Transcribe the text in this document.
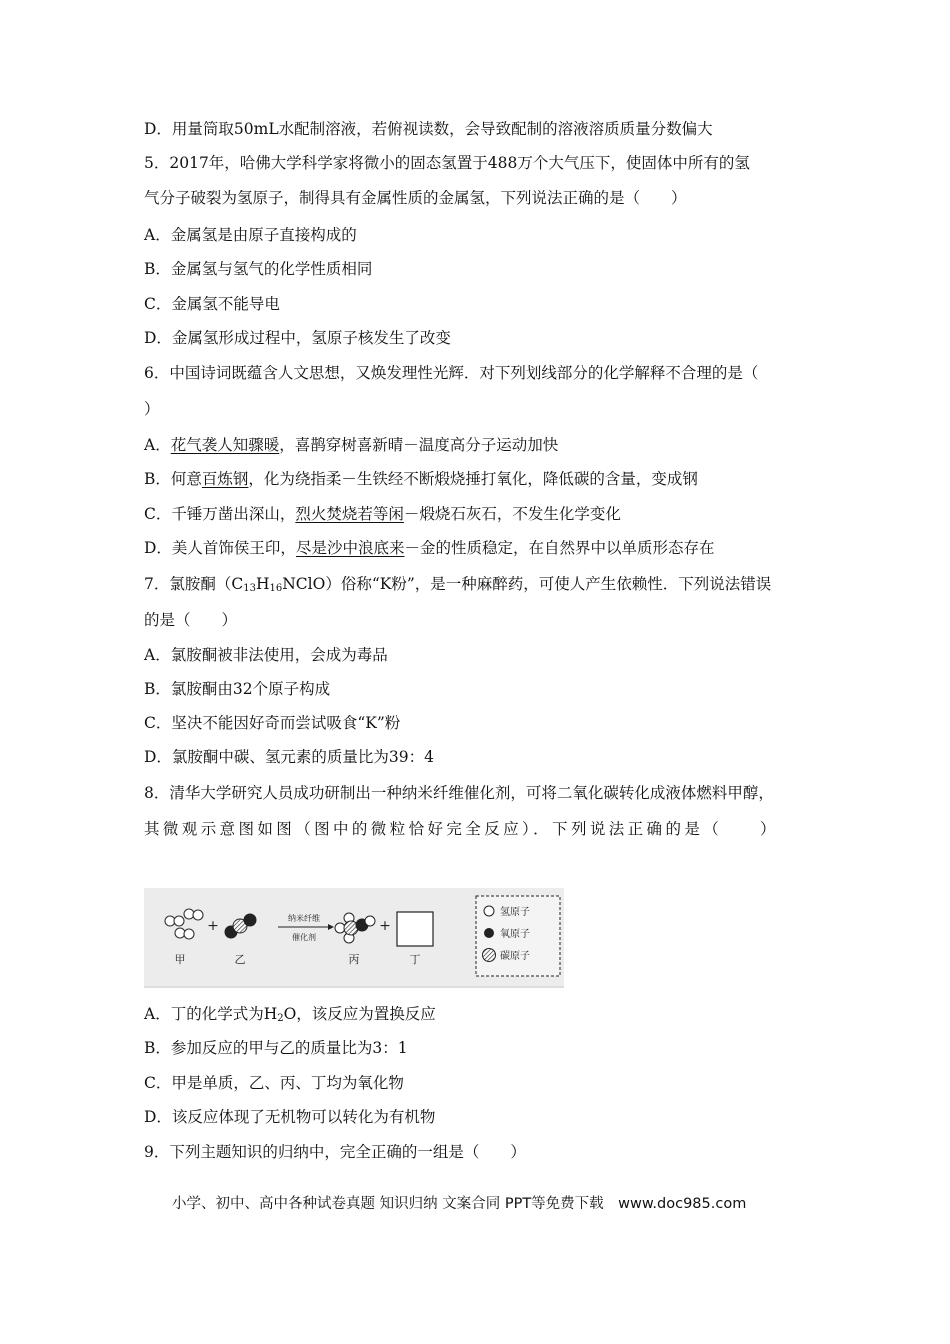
D．用量筒取50mL水配制溶液，若俯视读数，会导致配制的溶液溶质质量分数偏大
5．2017年，哈佛大学科学家将微小的固态氢置于488万个大气压下，使固体中所有的氢
气分子破裂为氢原子，制得具有金属性质的金属氢，下列说法正确的是（　　）
A．金属氢是由原子直接构成的
B．金属氢与氢气的化学性质相同
C．金属氢不能导电
D．金属氢形成过程中，氢原子核发生了改变
6．中国诗词既蕴含人文思想，又焕发理性光辉．对下列划线部分的化学解释不合理的是（
）
A．花气袭人知骤暖，喜鹊穿树喜新晴－温度高分子运动加快
B．何意百炼钢，化为绕指柔－生铁经不断煅烧捶打氧化，降低碳的含量，变成钢
C．千锤万凿出深山，烈火焚烧若等闲－煅烧石灰石，不发生化学变化
D．美人首饰侯王印，尽是沙中浪底来－金的性质稳定，在自然界中以单质形态存在
7．氯胺酮$(C_{13}H_{16}NClO)$俗称“K粉”，是一种麻醉药，可使人产生依赖性．下列说法错误
的是（　　）
A．氯胺酮被非法使用，会成为毒品
B．氯胺酮由32个原子构成
C．坚决不能因好奇而尝试吸食“K”粉
D．氯胺酮中碳、氢元素的质量比为39：4
8．清华大学研究人员成功研制出一种纳米纤维催化剂，可将二氧化碳转化成液体燃料甲醇，
其微观示意图如图（图中的微粒恰好完全反应）．下列说法正确的是（　　）
甲
+
乙
纳米纤维
催化剂
丙
+
丁
氢原子
氧原子
碳原子
A．丁的化学式为$H_2O$，该反应为置换反应
B．参加反应的甲与乙的质量比为3：1
C．甲是单质，乙、丙、丁均为氧化物
D．该反应体现了无机物可以转化为有机物
9．下列主题知识的归纳中，完全正确的一组是（　　）
小学、初中、高中各种试卷真题 知识归纳 文案合同 PPT等免费下载　www.doc985.com
